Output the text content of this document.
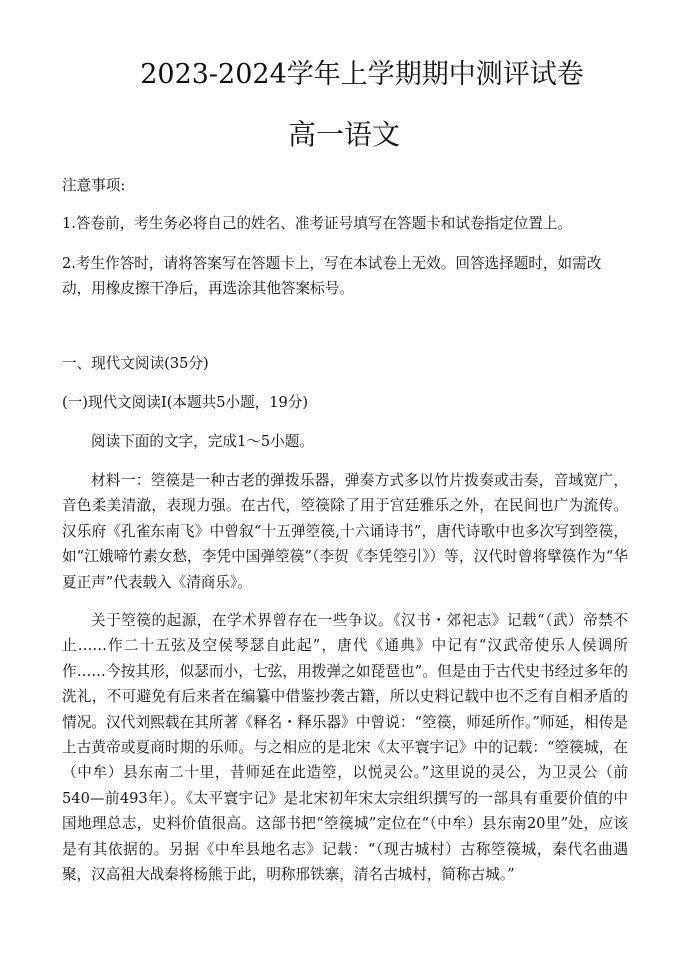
2023-2024学年上学期期中测评试卷
高一语文
注意事项:

1.答卷前，考生务必将自己的姓名、准考证号填写在答题卡和试卷指定位置上。

2.考生作答时，请将答案写在答题卡上，写在本试卷上无效。回答选择题时，如需改动，用橡皮擦干净后，再选涂其他答案标号。

一、现代文阅读(35分)
(一)现代文阅读I(本题共5小题，19分)
阅读下面的文字，完成1～5小题。

材料一：箜篌是一种古老的弹拨乐器，弹奏方式多以竹片拨奏或击奏，音域宽广，音色柔美清澈，表现力强。在古代，箜篌除了用于宫廷雅乐之外，在民间也广为流传。汉乐府《孔雀东南飞》中曾叙“十五弹箜篌,十六诵诗书”，唐代诗歌中也多次写到箜篌，如“江娥啼竹素女愁，李凭中国弹箜篌”（李贺《李凭箜引》）等，汉代时曾将擘篌作为“华夏正声”代表载入《清商乐》。

关于箜篌的起源，在学术界曾存在一些争议。《汉书・郊祀志》记载“（武）帝禁不止……作二十五弦及空侯琴瑟自此起”，唐代《通典》中记有“汉武帝使乐人侯调所作……今按其形，似瑟而小，七弦，用拨弹之如琵琶也”。但是由于古代史书经过多年的洗礼，不可避免有后来者在编纂中借鉴抄袭古籍，所以史料记载中也不乏有自相矛盾的情况。汉代刘熙载在其所著《释名・释乐器》中曾说：“箜篌，师延所作。”师延，相传是上古黄帝或夏商时期的乐师。与之相应的是北宋《太平寰宇记》中的记载：“箜篌城，在（中牟）县东南二十里，昔师延在此造箜，以悦灵公。”这里说的灵公，为卫灵公（前540—前493年）。《太平寰宇记》是北宋初年宋太宗组织撰写的一部具有重要价值的中国地理总志，史料价值很高。这部书把“箜篌城”定位在“（中牟）县东南20里”处，应该是有其依据的。另据《中牟县地名志》记载：“（现古城村）古称箜篌城，秦代名曲遇聚，汉高祖大战秦将杨熊于此，明称邢铁寨，清名古城村，简称古城。”
